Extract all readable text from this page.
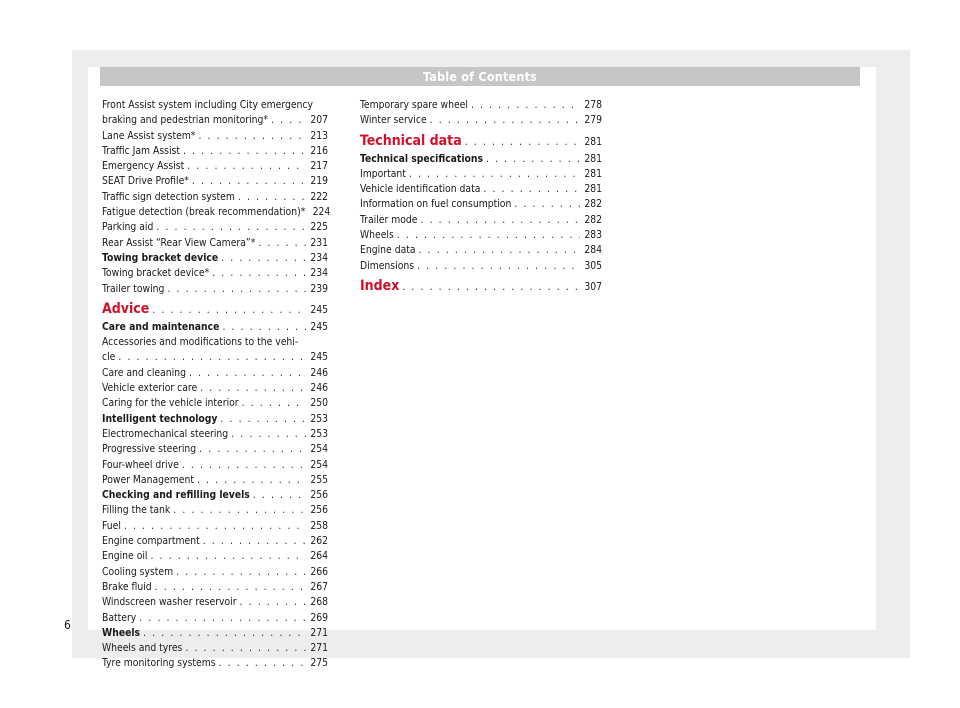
Table of Contents
Front Assist system including City emergency
braking and pedestrian monitoring* . . .	207
Lane Assist system* . . .	213
Traffic Jam Assist . . .	216
Emergency Assist . . .	217
SEAT Drive Profile* . . .	219
Traffic sign detection system . . .	222
Fatigue detection (break recommendation)* 224
Parking aid . . .	225
Rear Assist “Rear View Camera”* . . .	231
Towing bracket device . . .	234
Towing bracket device* . . .	234
Trailer towing . . .	239
Advice . . .	245
Care and maintenance . . .	245
Accessories and modifications to the vehi-
cle . . .	245
Care and cleaning . . .	246
Vehicle exterior care . . .	246
Caring for the vehicle interior . . .	250
Intelligent technology . . .	253
Electromechanical steering . . .	253
Progressive steering . . .	254
Four-wheel drive . . .	254
Power Management . . .	255
Checking and refilling levels . . .	256
Filling the tank . . .	256
Fuel . . .	258
Engine compartment . . .	262
Engine oil . . .	264
Cooling system . . .	266
Brake fluid . . .	267
Windscreen washer reservoir . . .	268
Battery . . .	269
Wheels . . .	271
Wheels and tyres . . .	271
Tyre monitoring systems . . .	275
Temporary spare wheel . . .	278
Winter service . . .	279
Technical data . . .	281
Technical specifications . . .	281
Important . . .	281
Vehicle identification data . . .	281
Information on fuel consumption . . .	282
Trailer mode . . .	282
Wheels . . .	283
Engine data . . .	284
Dimensions . . .	305
Index . . .	307
6
